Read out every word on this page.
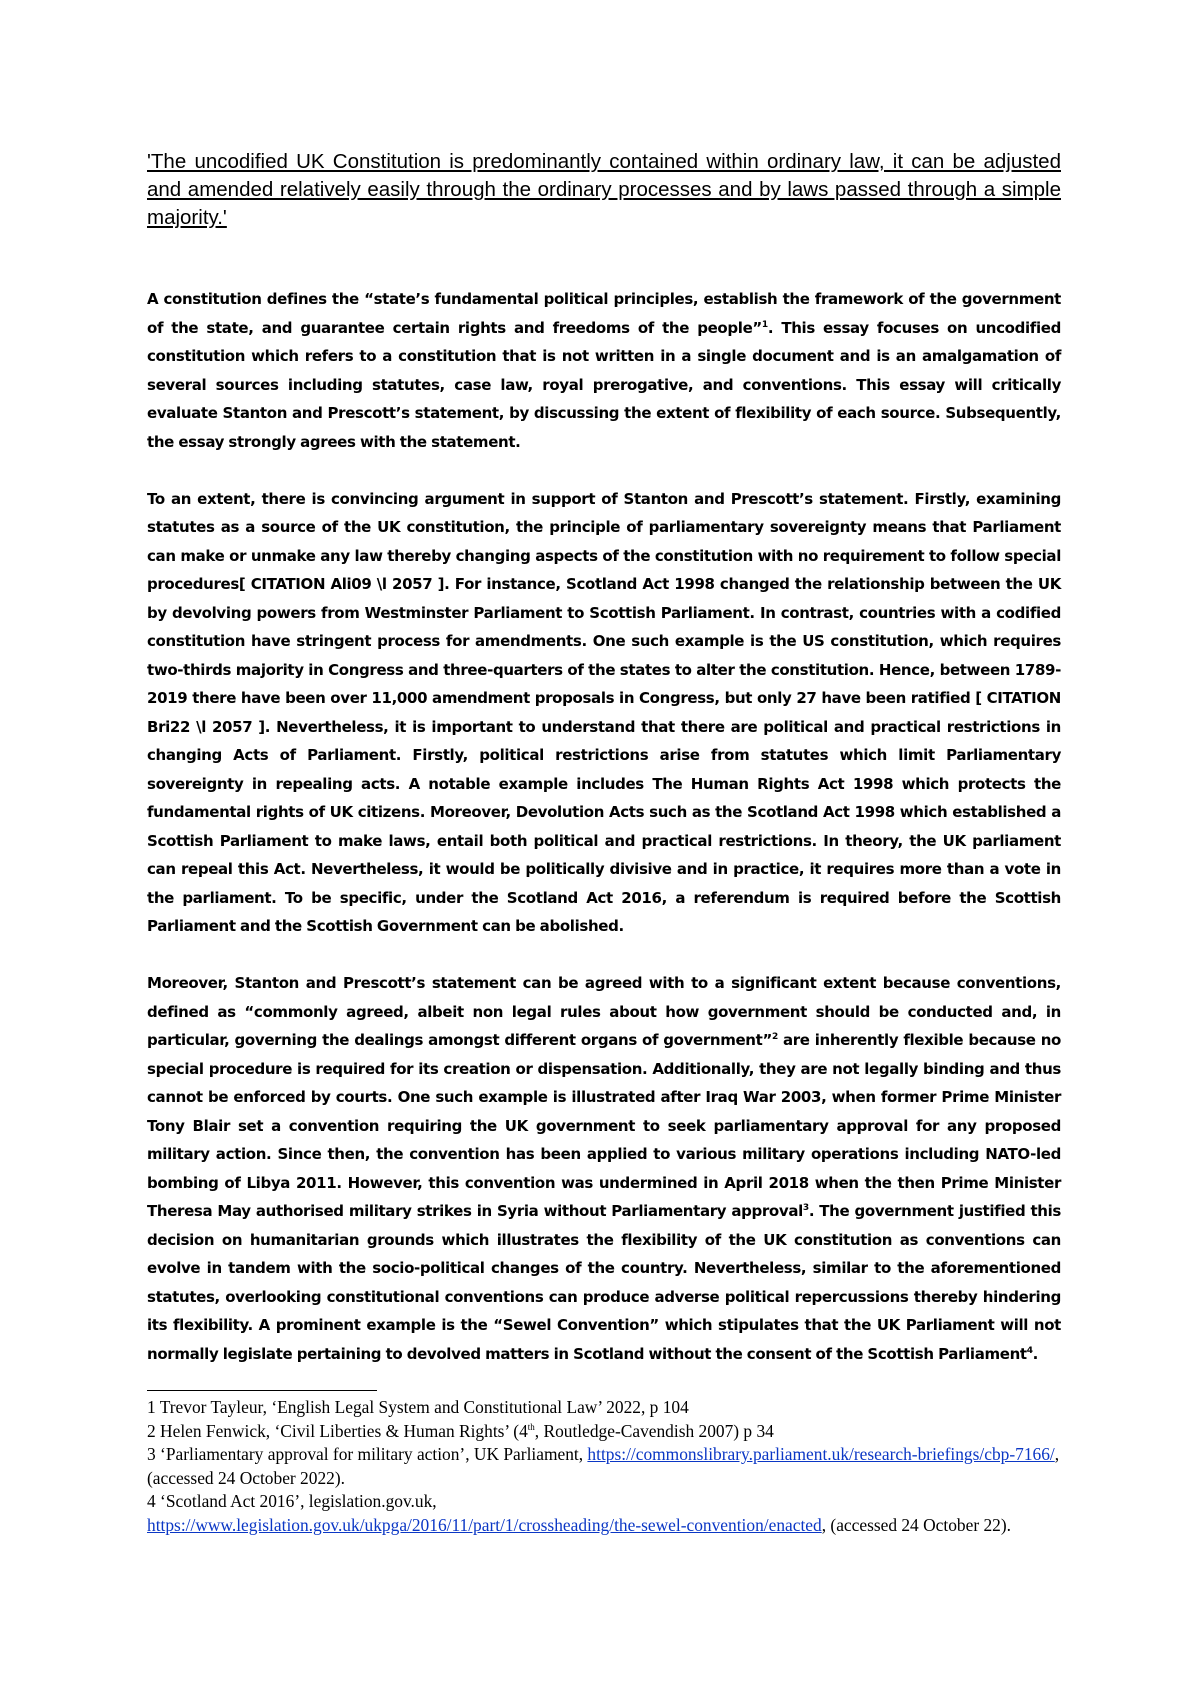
'The uncodified UK Constitution is predominantly contained within ordinary law, it can be adjusted and amended relatively easily through the ordinary processes and by laws passed through a simple majority.'

A constitution defines the “state’s fundamental political principles, establish the framework of the government of the state, and guarantee certain rights and freedoms of the people”$^1$. This essay focuses on uncodified constitution which refers to a constitution that is not written in a single document and is an amalgamation of several sources including statutes, case law, royal prerogative, and conventions. This essay will critically evaluate Stanton and Prescott’s statement, by discussing the extent of flexibility of each source. Subsequently, the essay strongly agrees with the statement.

To an extent, there is convincing argument in support of Stanton and Prescott’s statement. Firstly, examining statutes as a source of the UK constitution, the principle of parliamentary sovereignty means that Parliament can make or unmake any law thereby changing aspects of the constitution with no requirement to follow special procedures[ CITATION Ali09 \l 2057 ]. For instance, Scotland Act 1998 changed the relationship between the UK by devolving powers from Westminster Parliament to Scottish Parliament. In contrast, countries with a codified constitution have stringent process for amendments. One such example is the US constitution, which requires two-thirds majority in Congress and three-quarters of the states to alter the constitution. Hence, between 1789- 2019 there have been over 11,000 amendment proposals in Congress, but only 27 have been ratified [ CITATION Bri22 \l 2057 ]. Nevertheless, it is important to understand that there are political and practical restrictions in changing Acts of Parliament. Firstly, political restrictions arise from statutes which limit Parliamentary sovereignty in repealing acts. A notable example includes The Human Rights Act 1998 which protects the fundamental rights of UK citizens. Moreover, Devolution Acts such as the Scotland Act 1998 which established a Scottish Parliament to make laws, entail both political and practical restrictions. In theory, the UK parliament can repeal this Act. Nevertheless, it would be politically divisive and in practice, it requires more than a vote in the parliament. To be specific, under the Scotland Act 2016, a referendum is required before the Scottish Parliament and the Scottish Government can be abolished.

Moreover, Stanton and Prescott’s statement can be agreed with to a significant extent because conventions, defined as “commonly agreed, albeit non legal rules about how government should be conducted and, in particular, governing the dealings amongst different organs of government”$^2$ are inherently flexible because no special procedure is required for its creation or dispensation. Additionally, they are not legally binding and thus cannot be enforced by courts. One such example is illustrated after Iraq War 2003, when former Prime Minister Tony Blair set a convention requiring the UK government to seek parliamentary approval for any proposed military action. Since then, the convention has been applied to various military operations including NATO-led bombing of Libya 2011. However, this convention was undermined in April 2018 when the then Prime Minister Theresa May authorised military strikes in Syria without Parliamentary approval$^3$. The government justified this decision on humanitarian grounds which illustrates the flexibility of the UK constitution as conventions can evolve in tandem with the socio-political changes of the country. Nevertheless, similar to the aforementioned statutes, overlooking constitutional conventions can produce adverse political repercussions thereby hindering its flexibility. A prominent example is the “Sewel Convention” which stipulates that the UK Parliament will not normally legislate pertaining to devolved matters in Scotland without the consent of the Scottish Parliament$^4$.

1 Trevor Tayleur, ‘English Legal System and Constitutional Law’ 2022, p 104

2 Helen Fenwick, ‘Civil Liberties & Human Rights’ (4th, Routledge-Cavendish 2007) p 34

3 ‘Parliamentary approval for military action’, UK Parliament, https://commonslibrary.parliament.uk/research-briefings/cbp-7166/, (accessed 24 October 2022).

4 ‘Scotland Act 2016’, legislation.gov.uk,
https://www.legislation.gov.uk/ukpga/2016/11/part/1/crossheading/the-sewel-convention/enacted, (accessed 24 October 22).
